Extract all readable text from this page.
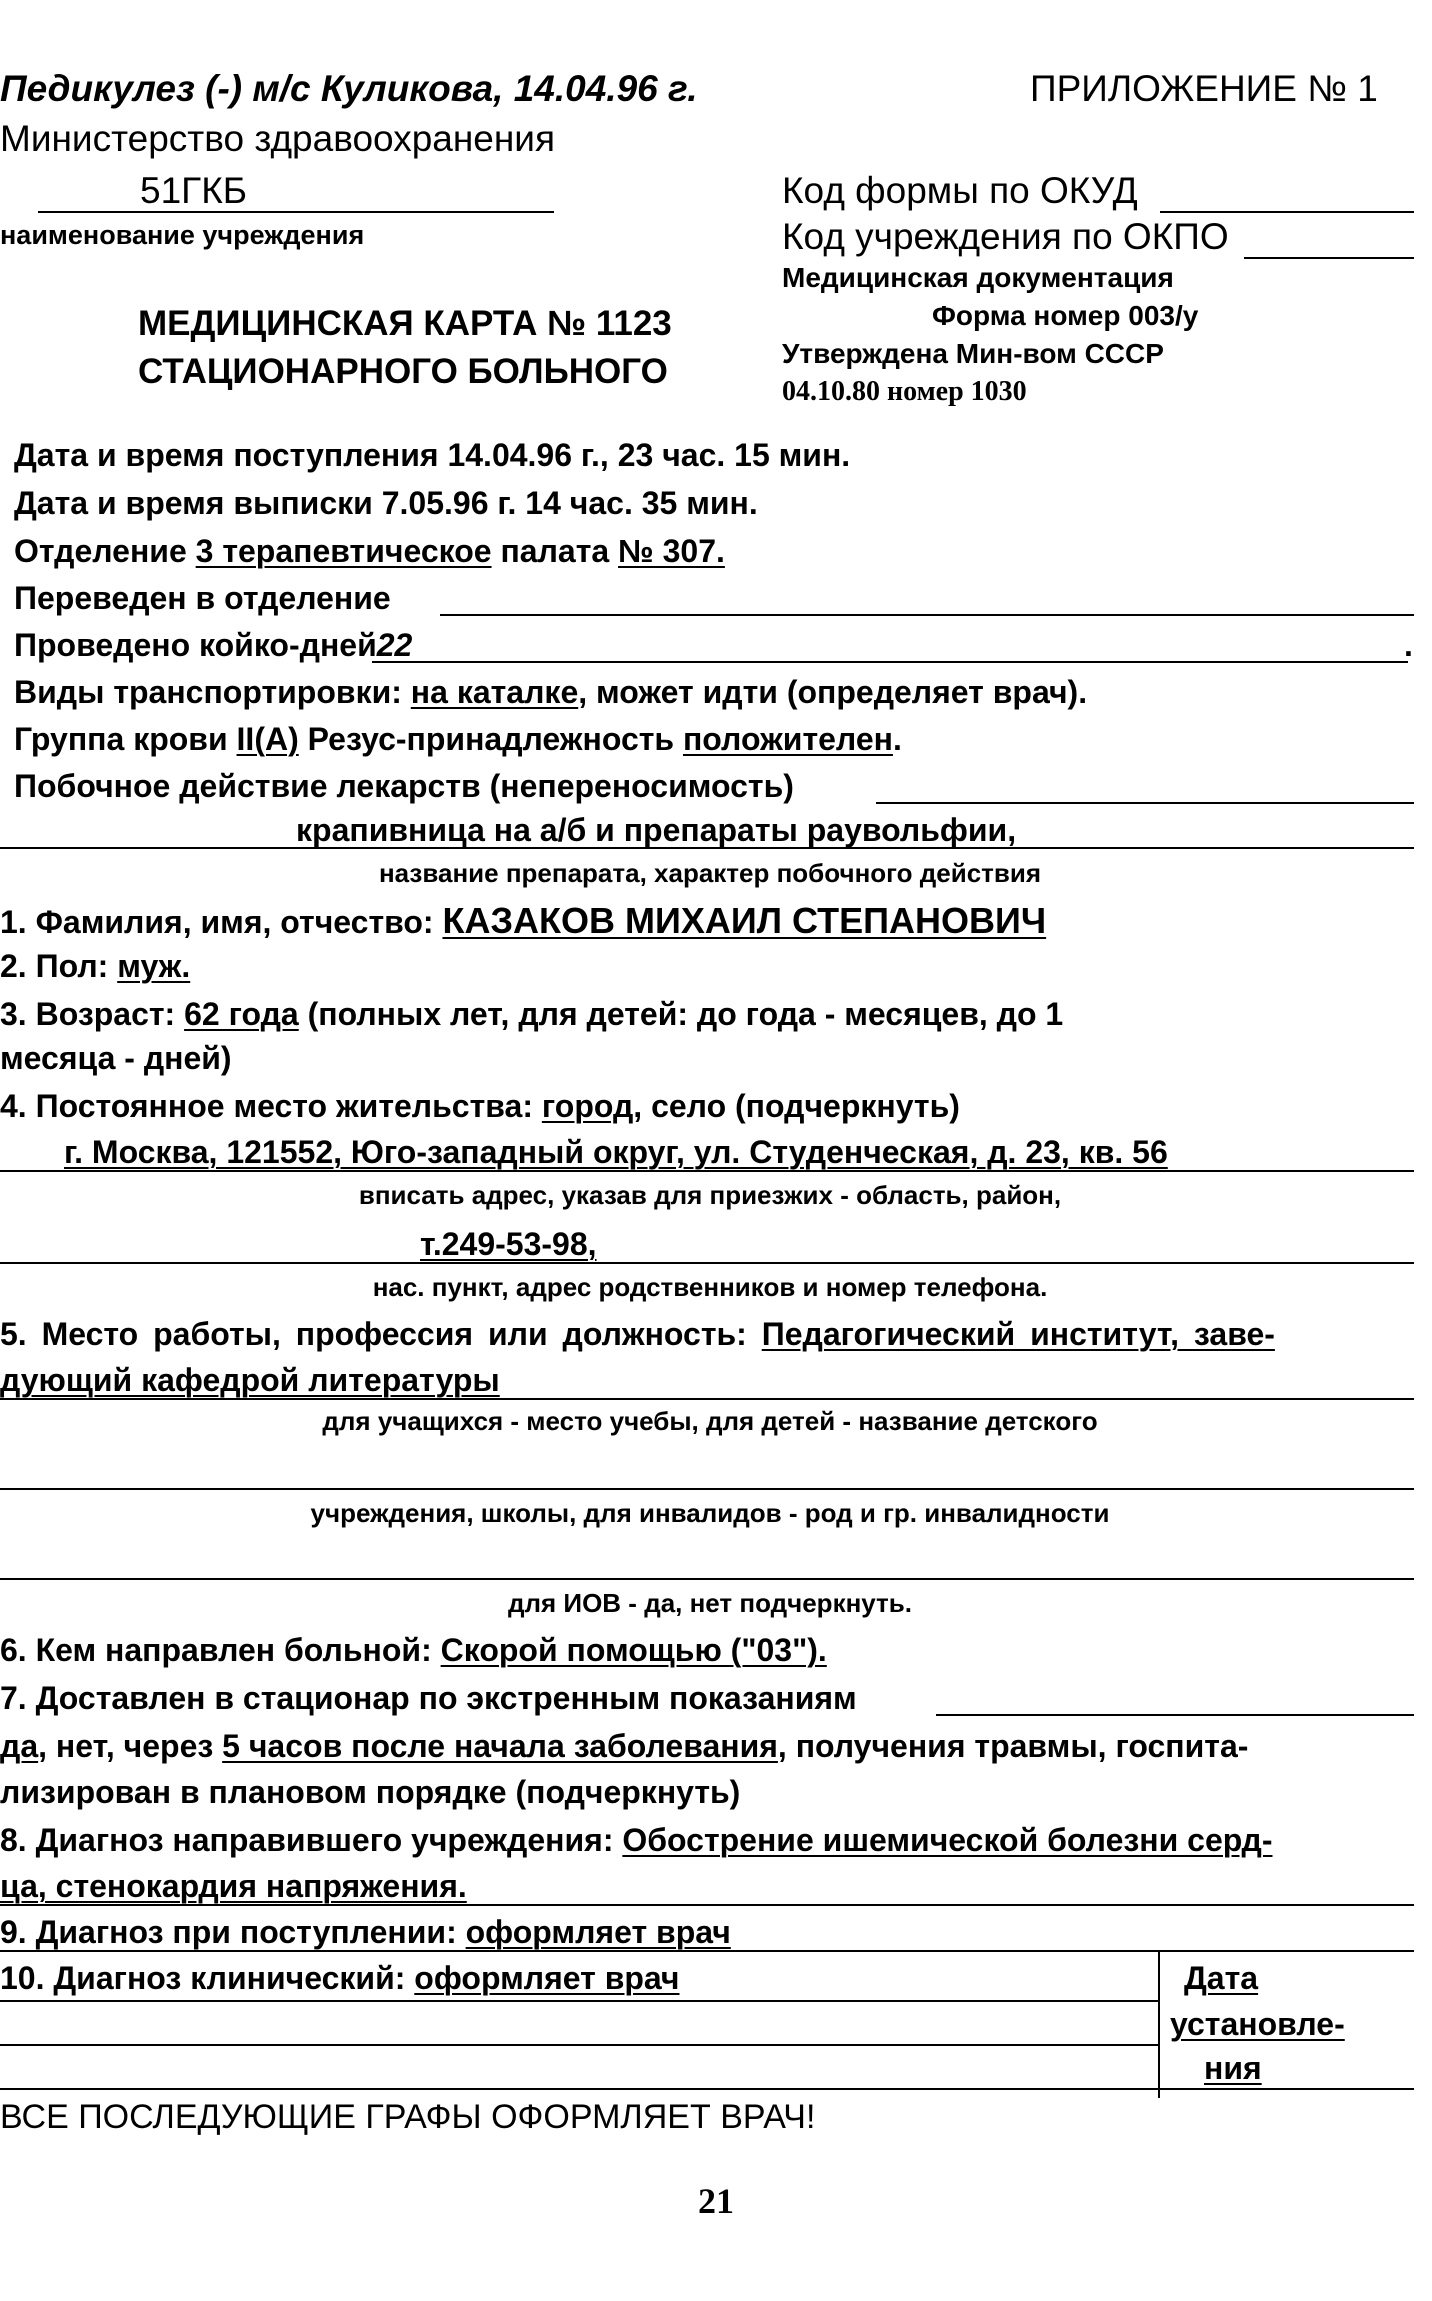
Педикулез (-) м/с Куликова, 14.04.96 г.	ПРИЛОЖЕНИЕ № 1
Министерство здравоохранения
51ГКБ
наименование учреждения
Код формы по ОКУД
Код учреждения по ОКПО
Медицинская документация
Форма номер 003/у
Утверждена Мин-вом СССР
04.10.80 номер 1030
МЕДИЦИНСКАЯ КАРТА № 1123
СТАЦИОНАРНОГО БОЛЬНОГО
Дата и время поступления 14.04.96 г., 23 час. 15 мин.
Дата и время выписки 7.05.96 г. 14 час. 35 мин.
Отделение 3 терапевтическое палата № 307.
Переведен в отделение
Проведено койко-дней22	.
Виды транспортировки: на каталке, может идти (определяет врач).
Группа крови II(A) Резус-принадлежность положителен.
Побочное действие лекарств (непереносимость)
крапивница на а/б и препараты раувольфии,
название препарата, характер побочного действия
1. Фамилия, имя, отчество: КАЗАКОВ МИХАИЛ СТЕПАНОВИЧ
2. Пол: муж.
3. Возраст: 62 года (полных лет, для детей: до года - месяцев, до 1
месяца - дней)
4. Постоянное место жительства: город, село (подчеркнуть)
г. Москва, 121552, Юго-западный округ, ул. Студенческая, д. 23, кв. 56
вписать адрес, указав для приезжих - область, район,
т.249-53-98,
нас. пункт, адрес родственников и номер телефона.
5. Место работы, профессия или должность: Педагогический институт, заве-
дующий кафедрой литературы
для учащихся - место учебы, для детей - название детского
учреждения, школы, для инвалидов - род и гр. инвалидности
для ИОВ - да, нет подчеркнуть.
6. Кем направлен больной: Скорой помощью ("03").
7. Доставлен в стационар по экстренным показаниям
да, нет, через 5 часов после начала заболевания, получения травмы, госпита-
лизирован в плановом порядке (подчеркнуть)
8. Диагноз направившего учреждения: Обострение ишемической болезни серд-
ца, стенокардия напряжения.
9. Диагноз при поступлении: оформляет врач
10. Диагноз клинический: оформляет врач	Дата
установле-
ния
ВСЕ ПОСЛЕДУЮЩИЕ ГРАФЫ ОФОРМЛЯЕТ ВРАЧ!
21
